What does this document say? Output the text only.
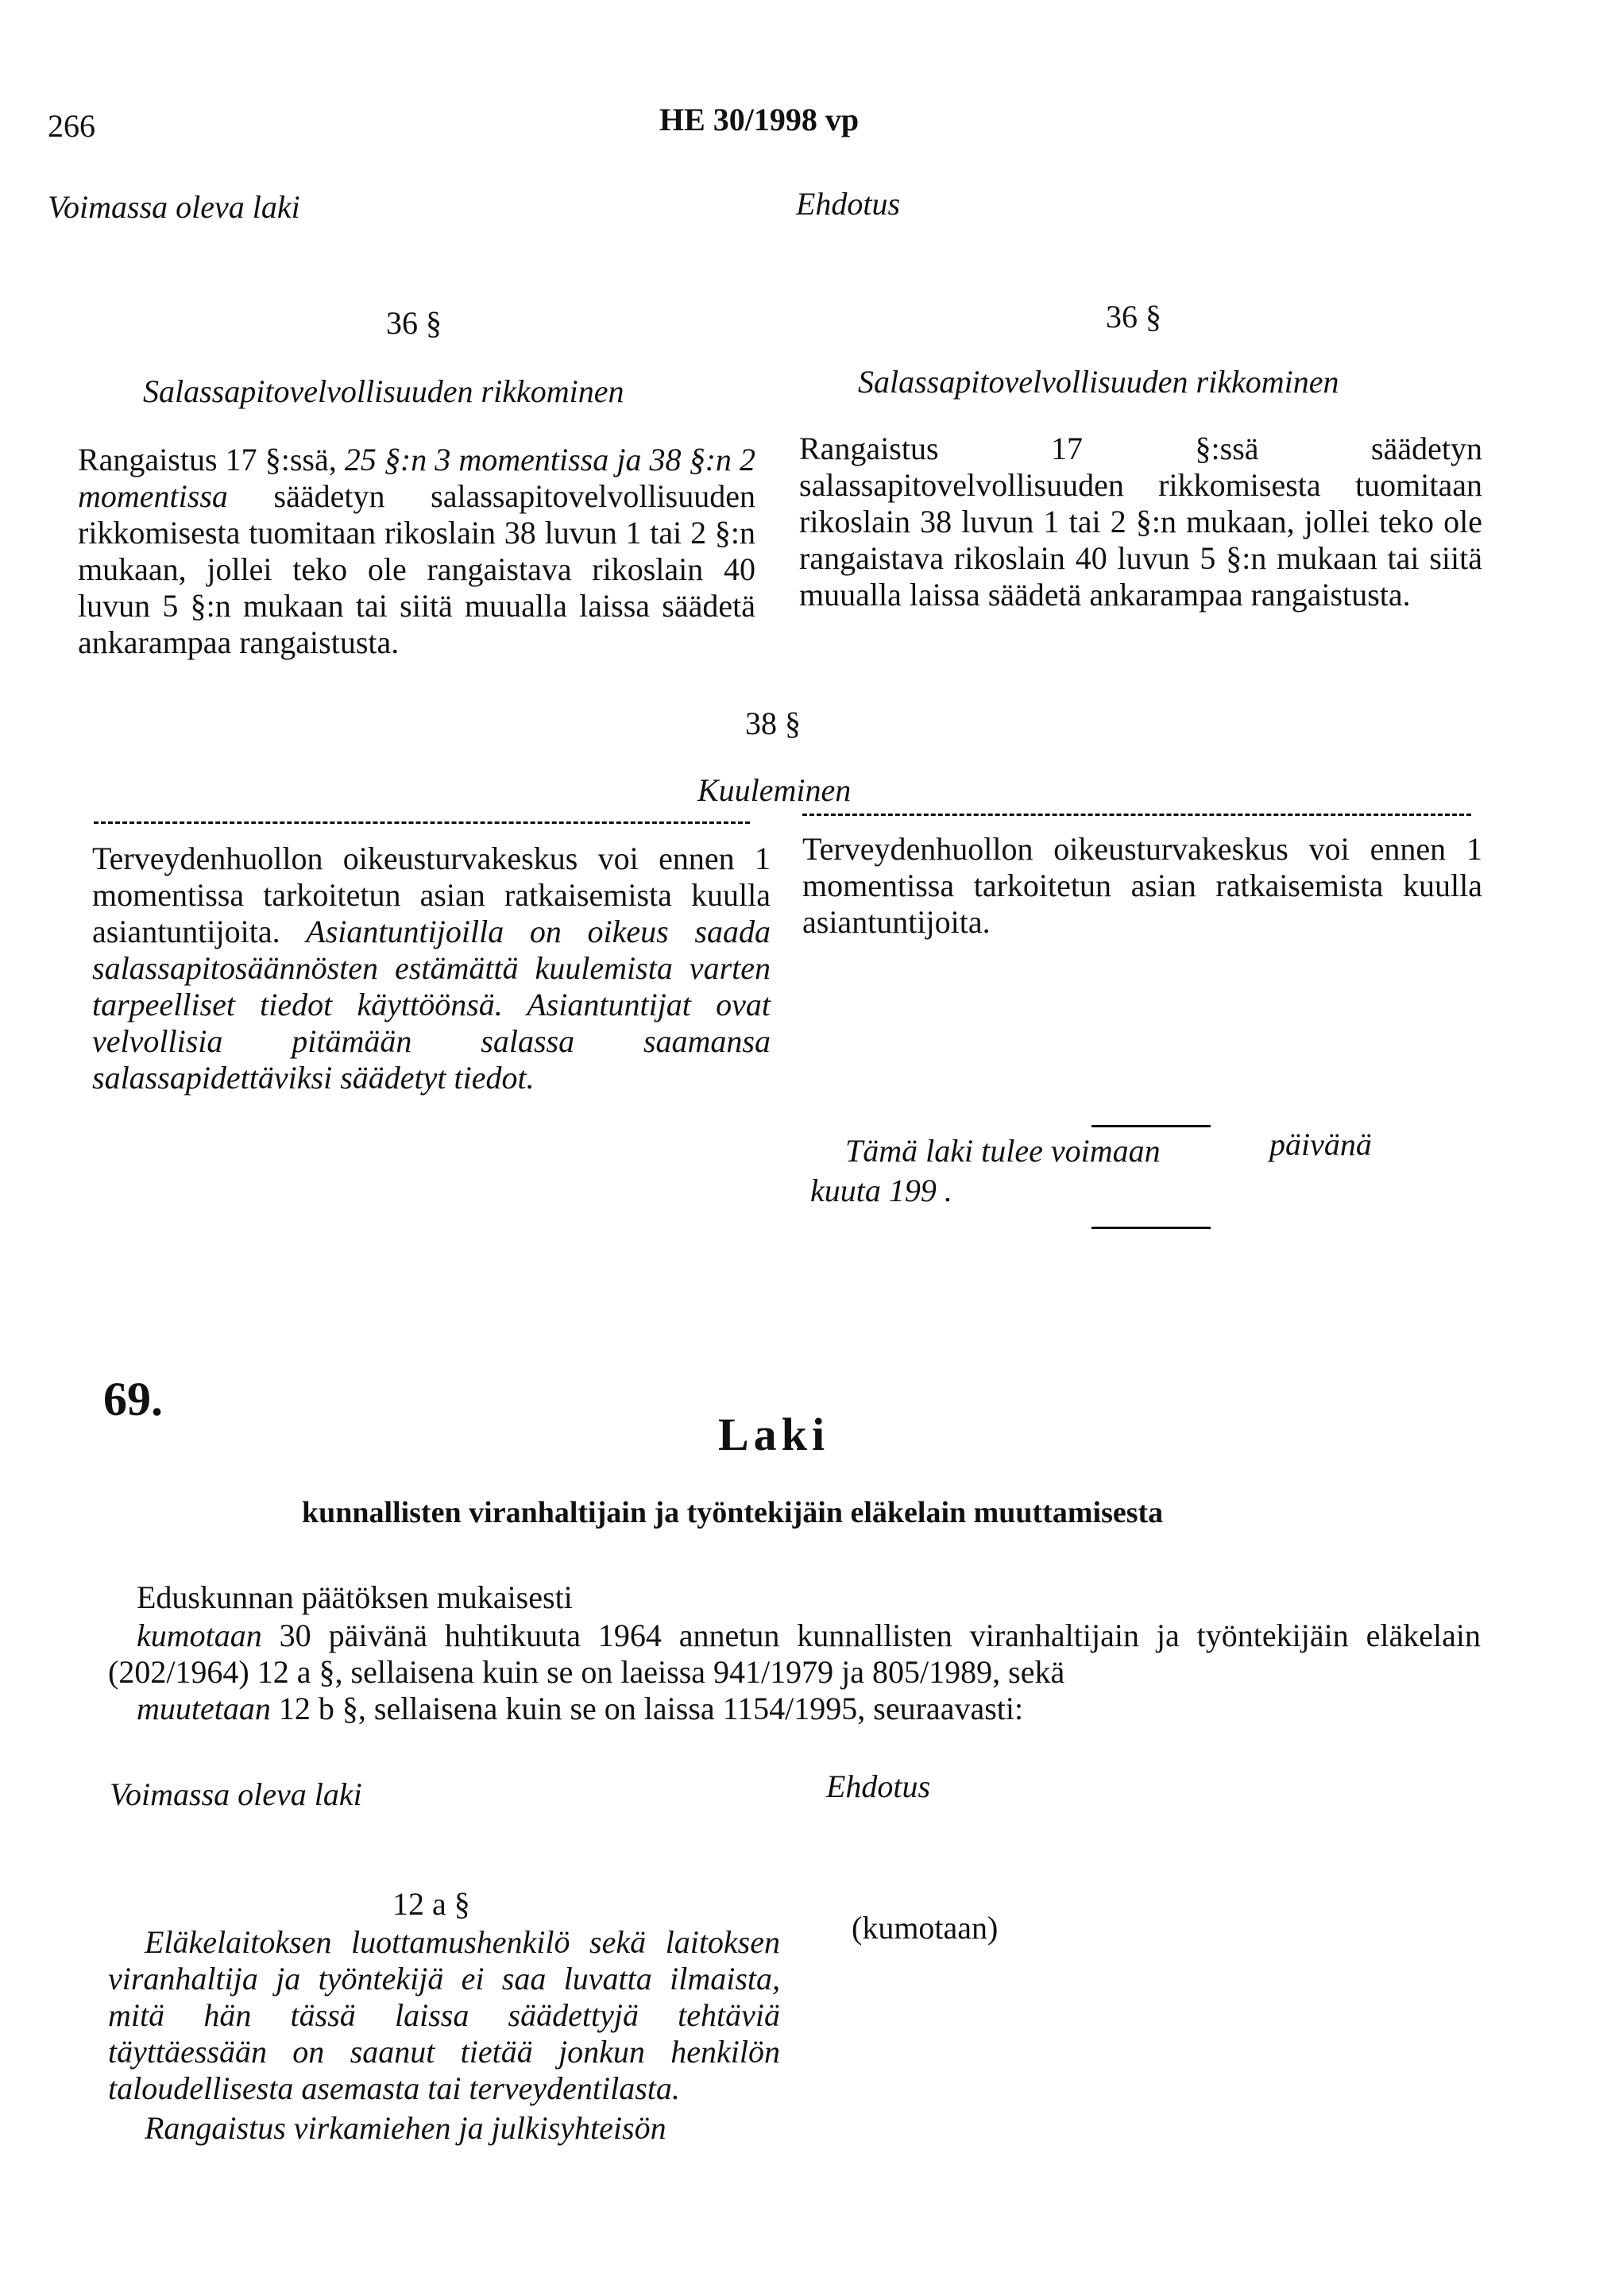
266	HE 30/1998 vp
Voimassa oleva laki	Ehdotus
36 §	36 §
Salassapitovelvollisuuden rikkominen	Salassapitovelvollisuuden rikkominen
Rangaistus 17 §:ssä, 25 §:n 3 momentissa ja 38 §:n 2 momentissa säädetyn salassapitovelvollisuuden rikkomisesta tuomitaan rikoslain 38 luvun 1 tai 2 §:n mukaan, jollei teko ole rangaistava rikoslain 40 luvun 5 §:n mukaan tai siitä muualla laissa säädetä ankarampaa rangaistusta.
Rangaistus 17 §:ssä säädetyn salassapitovelvollisuuden rikkomisesta tuomitaan rikoslain 38 luvun 1 tai 2 §:n mukaan, jollei teko ole rangaistava rikoslain 40 luvun 5 §:n mukaan tai siitä muualla laissa säädetä ankarampaa rangaistusta.
38 §
Kuuleminen
Terveydenhuollon oikeusturvakeskus voi ennen 1 momentissa tarkoitetun asian ratkaisemista kuulla asiantuntijoita. Asiantuntijoilla on oikeus saada salassapitosäännösten estämättä kuulemista varten tarpeelliset tiedot käyttöönsä. Asiantuntijat ovat velvollisia pitämään salassa saamansa salassapidettäviksi säädetyt tiedot.
Terveydenhuollon oikeusturvakeskus voi ennen 1 momentissa tarkoitetun asian ratkaisemista kuulla asiantuntijoita.
Tämä laki tulee voimaan	päivänä
kuuta 199 .
69.
Laki
kunnallisten viranhaltijain ja työntekijäin eläkelain muuttamisesta
Eduskunnan päätöksen mukaisesti
kumotaan 30 päivänä huhtikuuta 1964 annetun kunnallisten viranhaltijain ja työntekijäin eläkelain (202/1964) 12 a §, sellaisena kuin se on laeissa 941/1979 ja 805/1989, sekä
muutetaan 12 b §, sellaisena kuin se on laissa 1154/1995, seuraavasti:
Voimassa oleva laki	Ehdotus
12 a §
Eläkelaitoksen luottamushenkilö sekä laitoksen viranhaltija ja työntekijä ei saa luvatta ilmaista, mitä hän tässä laissa säädettyjä tehtäviä täyttäessään on saanut tietää jonkun henkilön taloudellisesta asemasta tai terveydentilasta.
Rangaistus virkamiehen ja julkisyhteisön
(kumotaan)
